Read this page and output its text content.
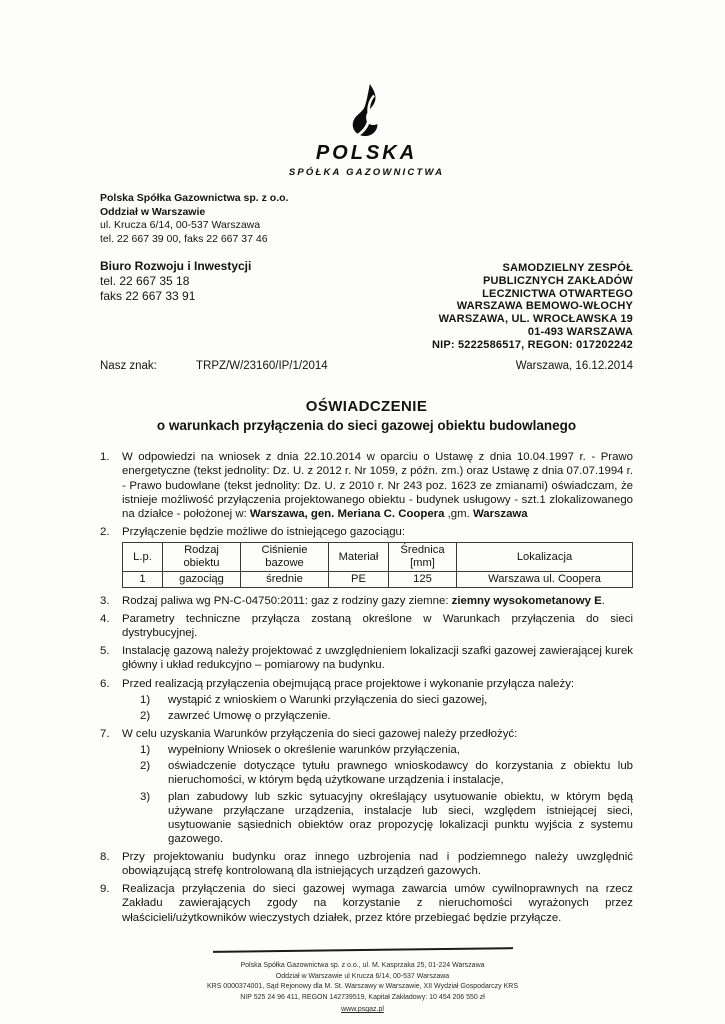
POLSKA
SPÓŁKA GAZOWNICTWA
Polska Spółka Gazownictwa sp. z o.o.
Oddział w Warszawie
ul. Krucza 6/14, 00-537 Warszawa
tel. 22 667 39 00, faks 22 667 37 46
Biuro Rozwoju i Inwestycji
tel. 22 667 35 18
faks 22 667 33 91
SAMODZIELNY ZESPÓŁ
PUBLICZNYCH ZAKŁADÓW
LECZNICTWA OTWARTEGO
WARSZAWA BEMOWO-WŁOCHY
WARSZAWA, UL. WROCŁAWSKA 19
01-493 WARSZAWA
NIP: 5222586517, REGON: 017202242
Nasz znak:	TRPZ/W/23160/IP/1/2014	Warszawa, 16.12.2014
OŚWIADCZENIE
o warunkach przyłączenia do sieci gazowej obiektu budowlanego
1.	W odpowiedzi na wniosek z dnia 22.10.2014 w oparciu o Ustawę z dnia 10.04.1997 r. - Prawo energetyczne (tekst jednolity: Dz. U. z 2012 r. Nr 1059, z późn. zm.) oraz Ustawę z dnia 07.07.1994 r. - Prawo budowlane (tekst jednolity: Dz. U. z 2010 r. Nr 243 poz. 1623 ze zmianami) oświadczam, że istnieje możliwość przyłączenia projektowanego obiektu - budynek usługowy - szt.1 zlokalizowanego na działce - położonej w: Warszawa, gen. Meriana C. Coopera ,gm. Warszawa
2.	Przyłączenie będzie możliwe do istniejącego gazociągu:
L.p.	Rodzaj obiektu	Ciśnienie bazowe	Materiał	Średnica [mm]	Lokalizacja
1	gazociąg	średnie	PE	125	Warszawa ul. Coopera
3.	Rodzaj paliwa wg PN-C-04750:2011: gaz z rodziny gazy ziemne: ziemny wysokometanowy E.
4.	Parametry techniczne przyłącza zostaną określone w Warunkach przyłączenia do sieci dystrybucyjnej.
5.	Instalację gazową należy projektować z uwzględnieniem lokalizacji szafki gazowej zawierającej kurek główny i układ redukcyjno – pomiarowy na budynku.
6.	Przed realizacją przyłączenia obejmującą prace projektowe i wykonanie przyłącza należy:
1)	wystąpić z wnioskiem o Warunki przyłączenia do sieci gazowej,
2)	zawrzeć Umowę o przyłączenie.
7.	W celu uzyskania Warunków przyłączenia do sieci gazowej należy przedłożyć:
1)	wypełniony Wniosek o określenie warunków przyłączenia,
2)	oświadczenie dotyczące tytułu prawnego wnioskodawcy do korzystania z obiektu lub nieruchomości, w którym będą użytkowane urządzenia i instalacje,
3)	plan zabudowy lub szkic sytuacyjny określający usytuowanie obiektu, w którym będą używane przyłączane urządzenia, instalacje lub sieci, względem istniejącej sieci, usytuowanie sąsiednich obiektów oraz propozycję lokalizacji punktu wyjścia z systemu gazowego.
8.	Przy projektowaniu budynku oraz innego uzbrojenia nad i podziemnego należy uwzględnić obowiązującą strefę kontrolowaną dla istniejących urządzeń gazowych.
9.	Realizacja przyłączenia do sieci gazowej wymaga zawarcia umów cywilnoprawnych na rzecz Zakładu zawierających zgody na korzystanie z nieruchomości wyrażonych przez właścicieli/użytkowników wieczystych działek, przez które przebiegać będzie przyłącze.
Polska Spółka Gazownictwa sp. z o.o., ul. M. Kasprzaka 25, 01-224 Warszawa
Oddział w Warszawie ul Krucza 6/14, 00-537 Warszawa
KRS 0000374001, Sąd Rejonowy dla M. St. Warszawy w Warszawie, XII Wydział Gospodarczy KRS
NIP 525 24 96 411, REGON 142739519, Kapitał Zakładowy: 10 454 206 550 zł
www.psgaz.pl
